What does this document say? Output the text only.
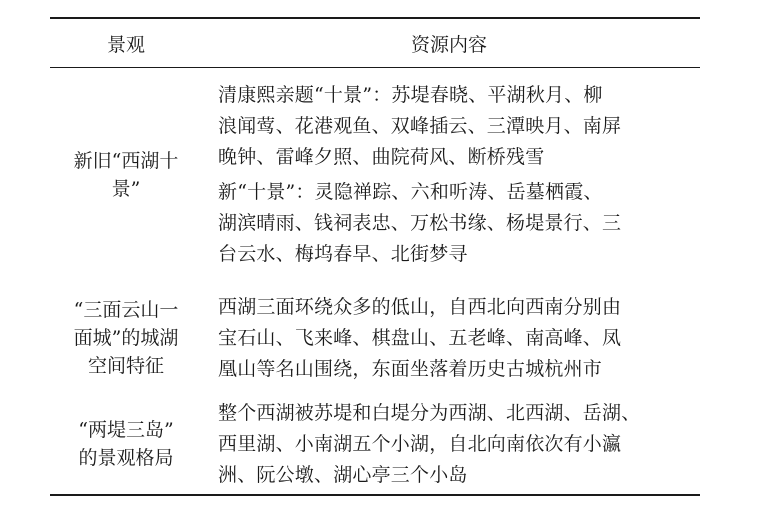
景观	资源内容
新旧“西湖十
景”

清康熙亲题“十景”：苏堤春晓、平湖秋月、柳
浪闻莺、花港观鱼、双峰插云、三潭映月、南屏
晚钟、雷峰夕照、曲院荷风、断桥残雪

新“十景”：灵隐禅踪、六和听涛、岳墓栖霞、
湖滨晴雨、钱祠表忠、万松书缘、杨堤景行、三
台云水、梅坞春早、北街梦寻

“三面云山一
面城”的城湖
空间特征

西湖三面环绕众多的低山，自西北向西南分别由
宝石山、飞来峰、棋盘山、五老峰、南高峰、凤
凰山等名山围绕，东面坐落着历史古城杭州市

“两堤三岛”
的景观格局

整个西湖被苏堤和白堤分为西湖、北西湖、岳湖、
西里湖、小南湖五个小湖，自北向南依次有小瀛
洲、阮公墩、湖心亭三个小岛
